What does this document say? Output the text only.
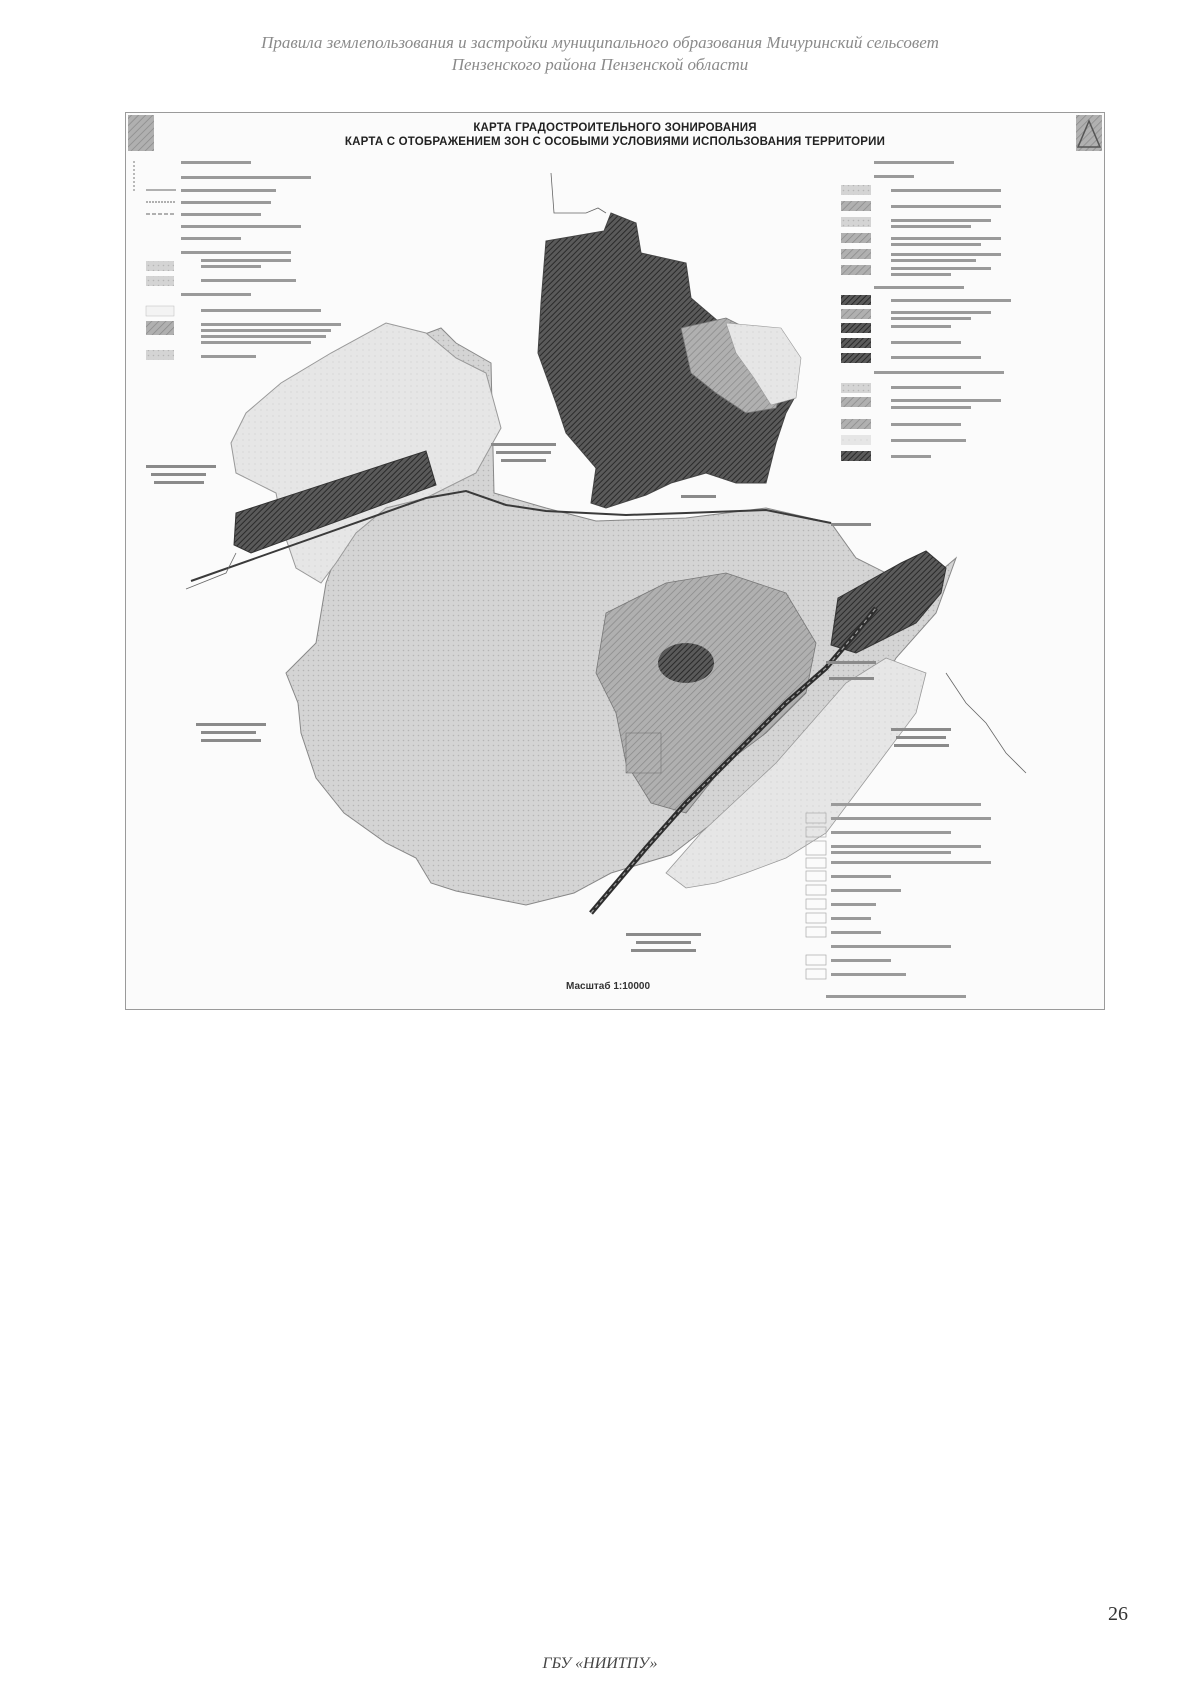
Правила землепользования и застройки муниципального образования Мичуринский сельсовет
Пензенского района Пензенской области
КАРТА ГРАДОСТРОИТЕЛЬНОГО ЗОНИРОВАНИЯ
КАРТА С ОТОБРАЖЕНИЕМ ЗОН С ОСОБЫМИ УСЛОВИЯМИ ИСПОЛЬЗОВАНИЯ ТЕРРИТОРИИ
Масштаб 1:10000
26
ГБУ «НИИТПУ»
